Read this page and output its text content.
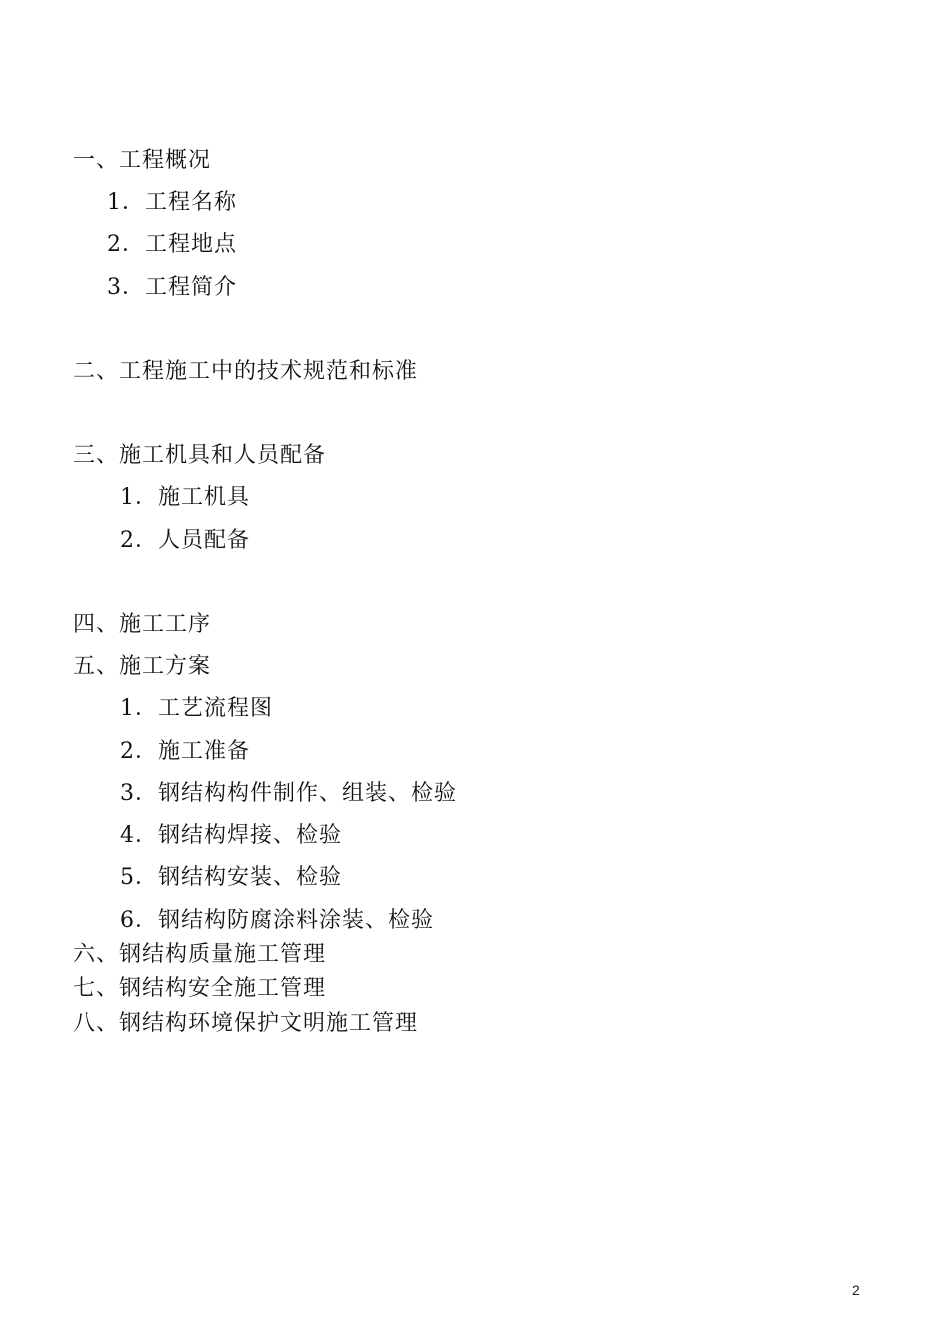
一、工程概况
1．工程名称
2．工程地点
3．工程简介
二、工程施工中的技术规范和标准
三、施工机具和人员配备
1．施工机具
2．人员配备
四、施工工序
五、施工方案
1．工艺流程图
2．施工准备
3．钢结构构件制作、组装、检验
4．钢结构焊接、检验
5．钢结构安装、检验
6．钢结构防腐涂料涂装、检验
六、钢结构质量施工管理
七、钢结构安全施工管理
八、钢结构环境保护文明施工管理
2
